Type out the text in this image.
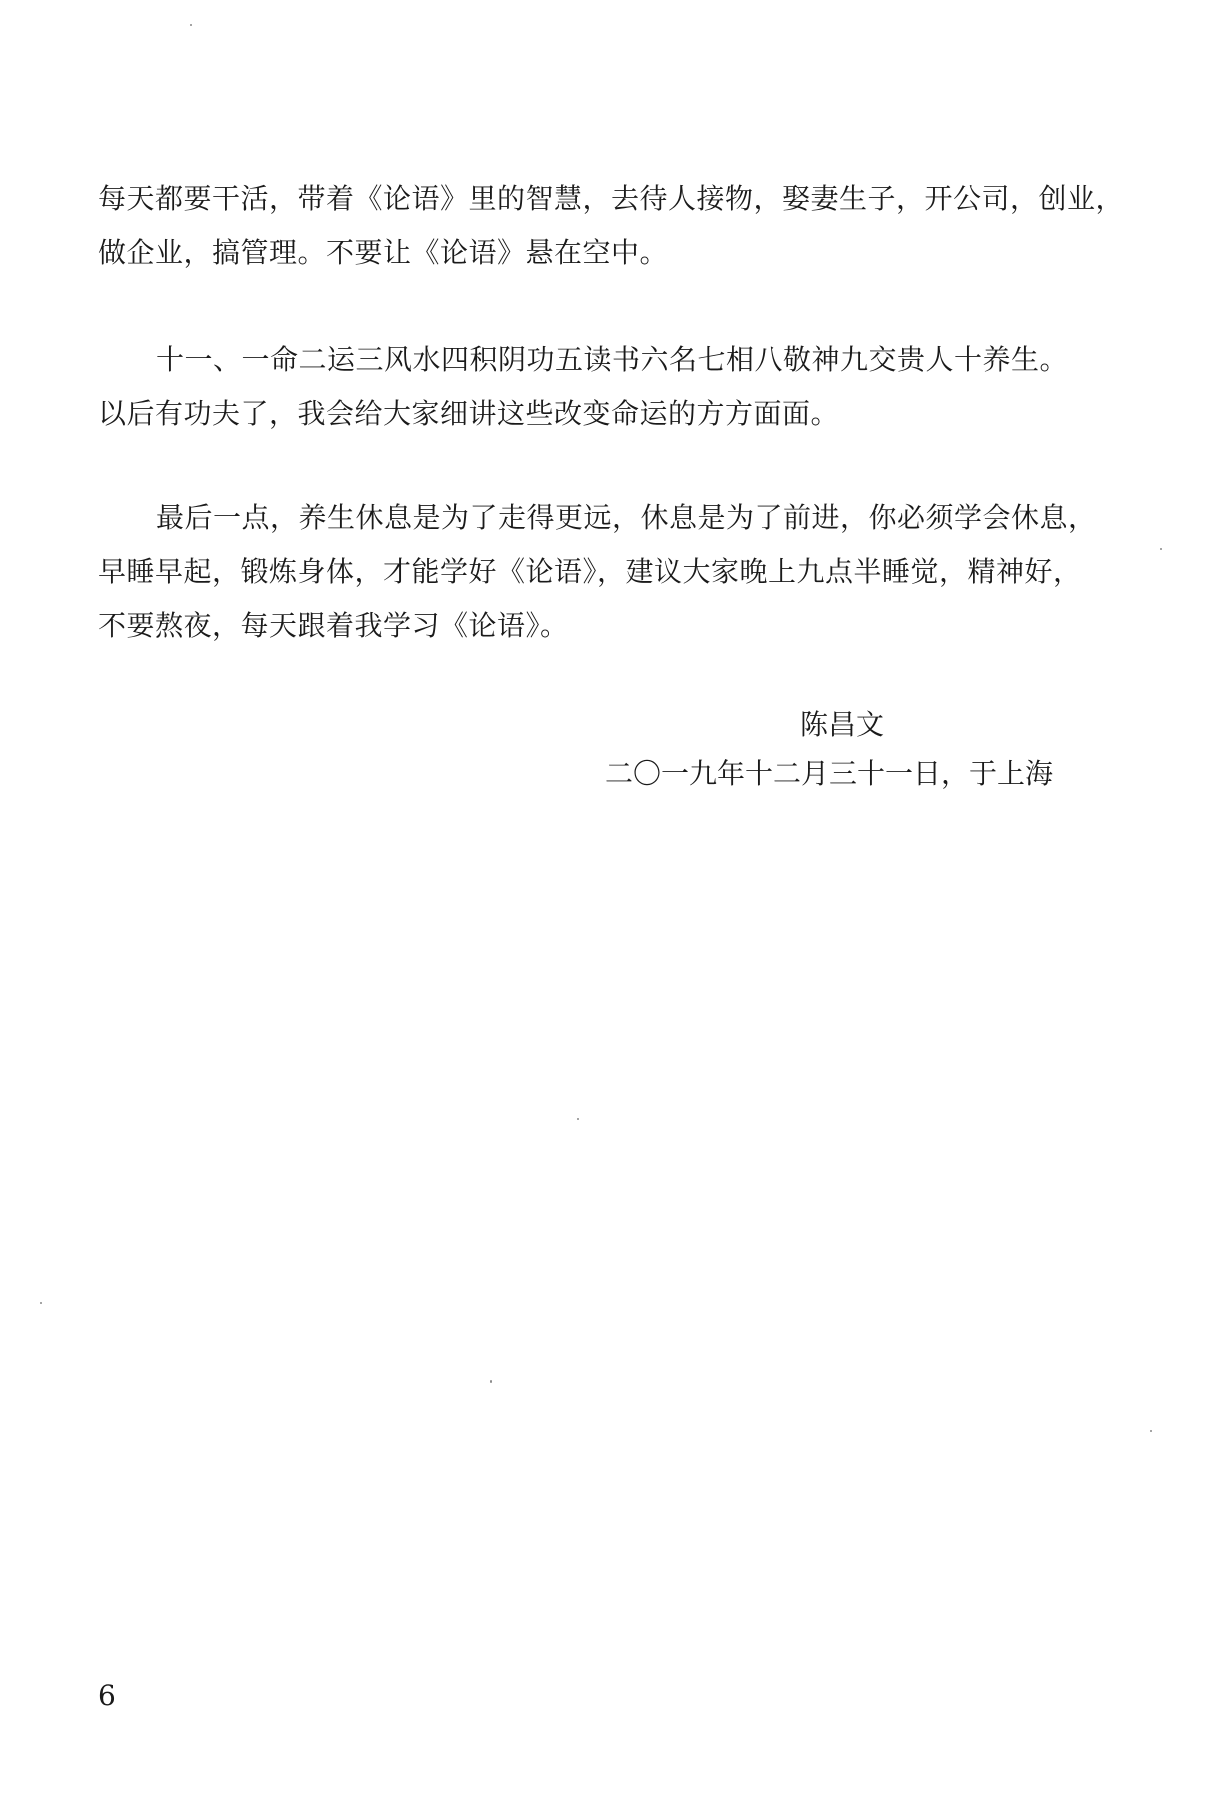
每天都要干活，带着《论语》里的智慧，去待人接物，娶妻生子，开公司，创业，
做企业，搞管理。不要让《论语》悬在空中。
十一、一命二运三风水四积阴功五读书六名七相八敬神九交贵人十养生。
以后有功夫了，我会给大家细讲这些改变命运的方方面面。
最后一点，养生休息是为了走得更远，休息是为了前进，你必须学会休息，
早睡早起，锻炼身体，才能学好《论语》，建议大家晚上九点半睡觉，精神好，
不要熬夜，每天跟着我学习《论语》。
陈昌文
二〇一九年十二月三十一日，于上海
6
